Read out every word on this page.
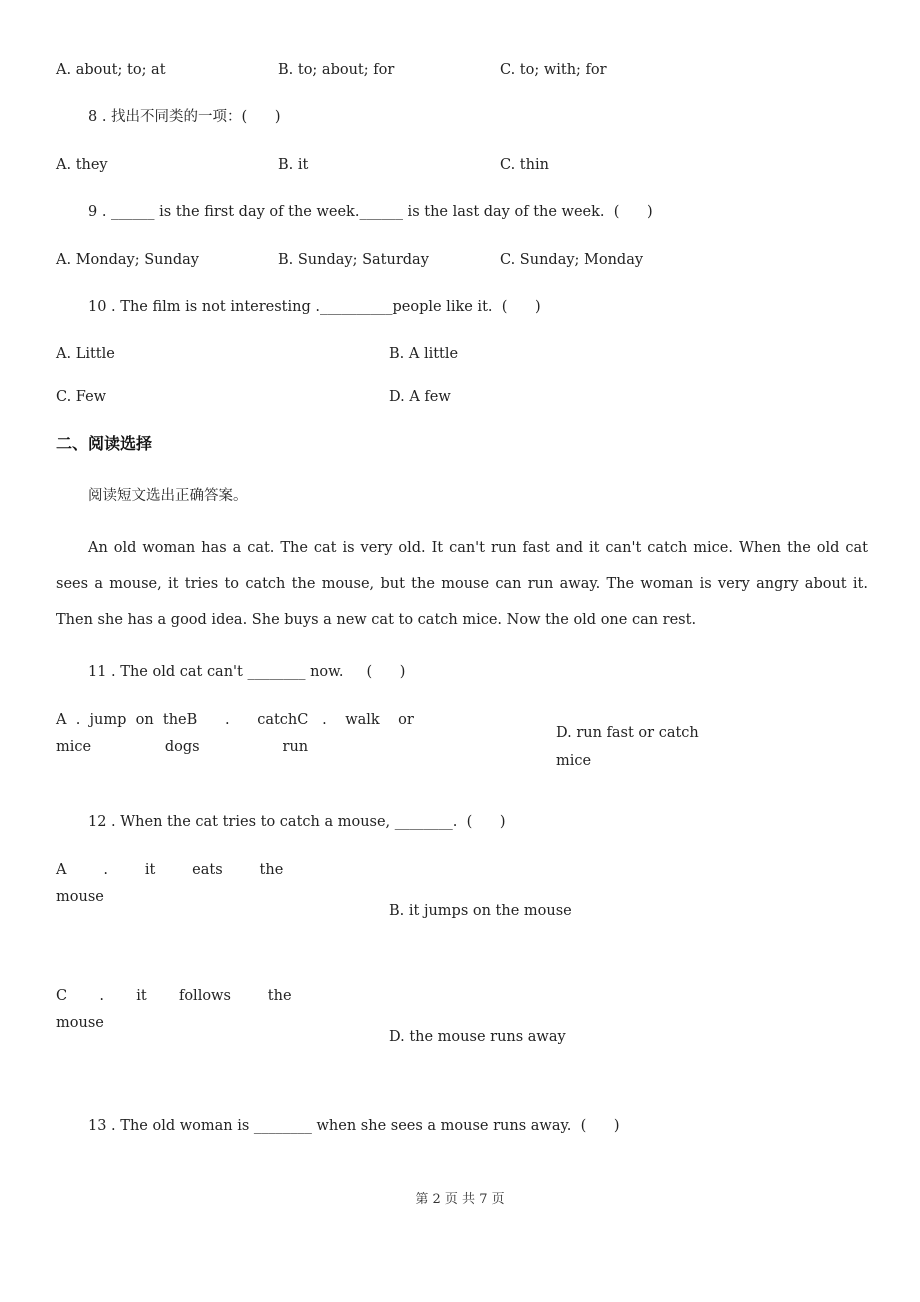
A. about; to; at	B. to; about; for	C. to; with; for
8 . 找出不同类的一项：(      )
A. they	B. it	C. thin
9 . ______ is the first day of the week.______ is the last day of the week.  (      )
A. Monday; Sunday	B. Sunday; Saturday	C. Sunday; Monday
10 . The film is not interesting .__________people like it.  (      )
A. Little	B. A little
C. Few	D. A few
二、阅读选择
阅读短文选出正确答案。
An old woman has a cat. The cat is very old. It can't run fast and it can't catch mice. When the old cat sees a mouse, it tries to catch the mouse, but the mouse can run away. The woman is very angry about it. Then she has a good idea. She buys a new cat to catch mice. Now the old one can rest.
11 . The old cat can't ________ now.     (      )
A  .  jump  on  theB      .      catchC   .    walk    or
mice                dogs                  run
D. run fast or catch
mice
12 . When the cat tries to catch a mouse, ________.  (      )
A        .        it        eats        the
mouse
B. it jumps on the mouse
C       .       it       follows        the
mouse
D. the mouse runs away
13 . The old woman is ________ when she sees a mouse runs away.  (      )
第 2 页 共 7 页
